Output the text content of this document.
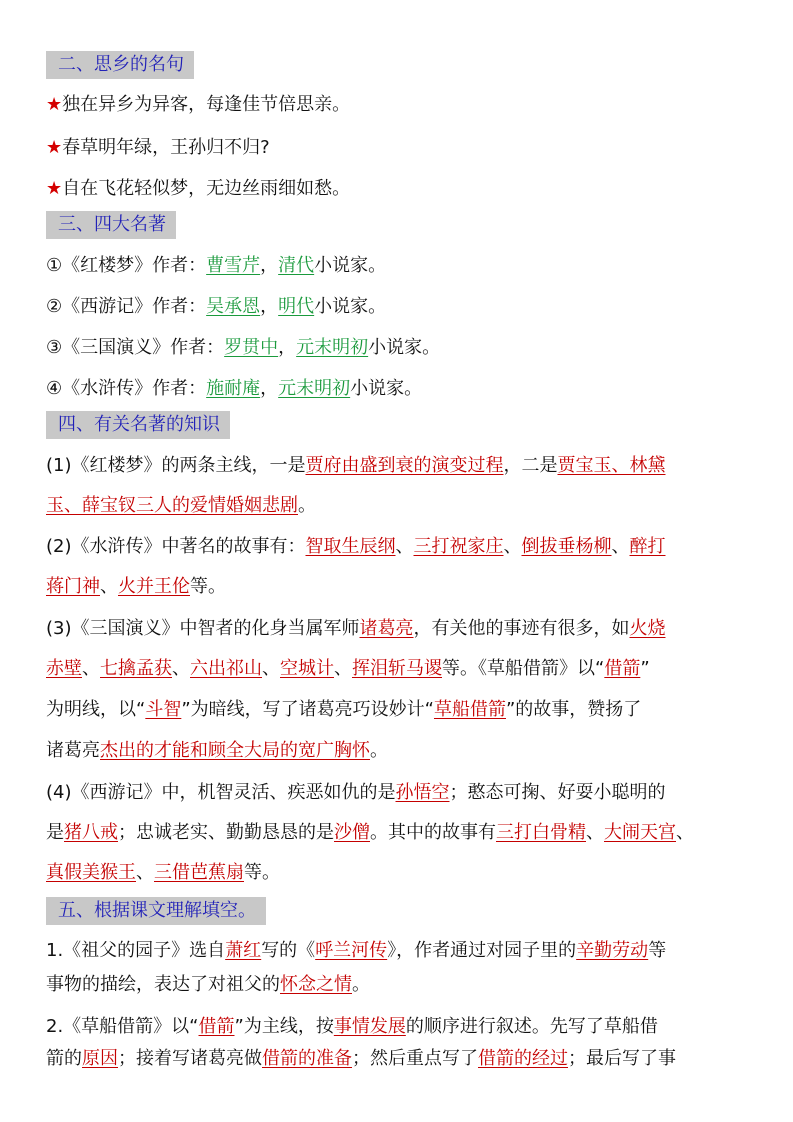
二、思乡的名句
★独在异乡为异客，每逢佳节倍思亲。
★春草明年绿，王孙归不归?
★自在飞花轻似梦，无边丝雨细如愁。
三、四大名著
①《红楼梦》作者：曹雪芹，清代小说家。
②《西游记》作者：吴承恩，明代小说家。
③《三国演义》作者：罗贯中，元末明初小说家。
④《水浒传》作者：施耐庵，元末明初小说家。
四、有关名著的知识
(1)《红楼梦》的两条主线，一是贾府由盛到衰的演变过程，二是贾宝玉、林黛
玉、薛宝钗三人的爱情婚姻悲剧。
(2)《水浒传》中著名的故事有：智取生辰纲、三打祝家庄、倒拔垂杨柳、醉打
蒋门神、火并王伦等。
(3)《三国演义》中智者的化身当属军师诸葛亮，有关他的事迹有很多，如火烧
赤壁、七擒孟获、六出祁山、空城计、挥泪斩马谡等。《草船借箭》以“借箭”
为明线，以“斗智”为暗线，写了诸葛亮巧设妙计“草船借箭”的故事，赞扬了
诸葛亮杰出的才能和顾全大局的宽广胸怀。
(4)《西游记》中，机智灵活、疾恶如仇的是孙悟空；憨态可掬、好耍小聪明的
是猪八戒；忠诚老实、勤勤恳恳的是沙僧。其中的故事有三打白骨精、大闹天宫、
真假美猴王、三借芭蕉扇等。
五、根据课文理解填空。
1.《祖父的园子》选自萧红写的《呼兰河传》，作者通过对园子里的辛勤劳动等
事物的描绘，表达了对祖父的怀念之情。
2.《草船借箭》以“借箭”为主线，按事情发展的顺序进行叙述。先写了草船借
箭的原因；接着写诸葛亮做借箭的准备；然后重点写了借箭的经过；最后写了事
